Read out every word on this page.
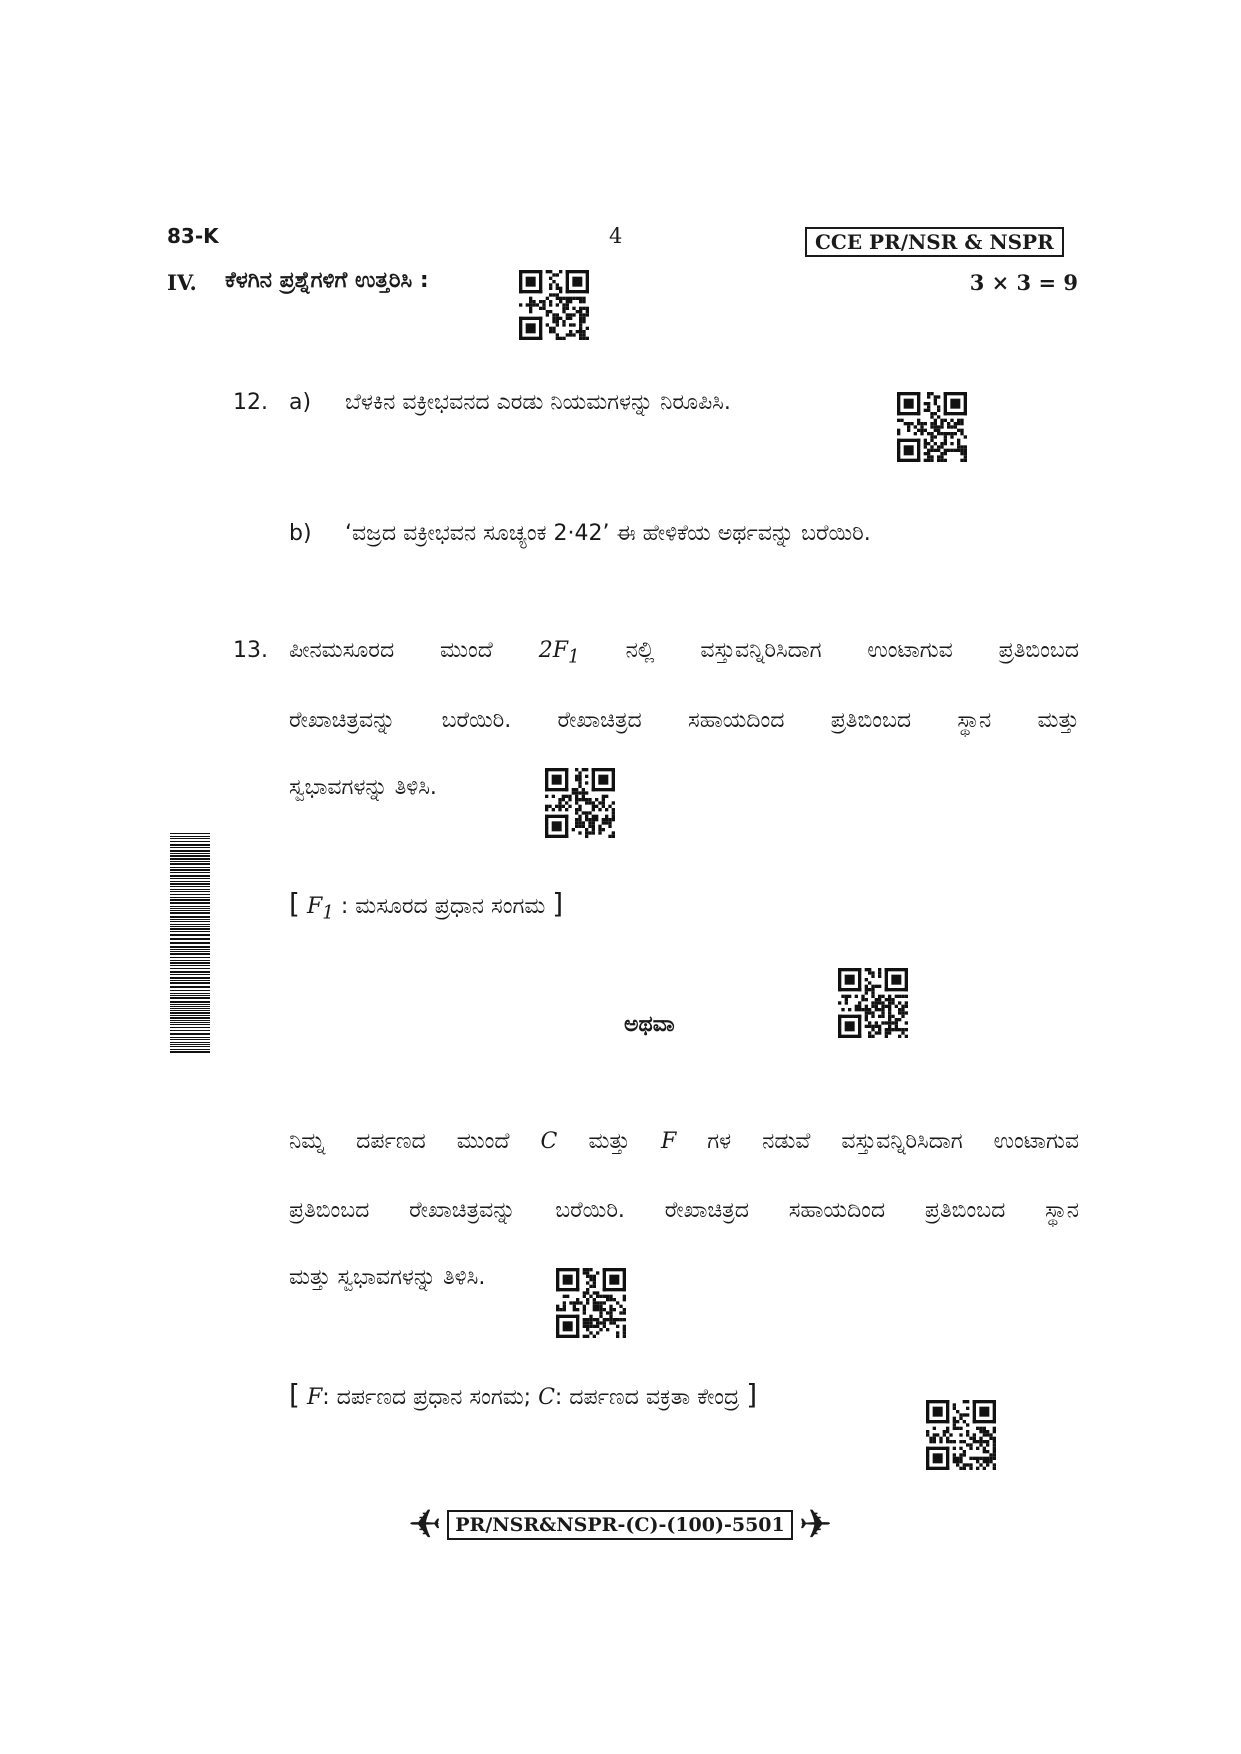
83-K	4	CCE PR/NSR & NSPR
IV. ಕೆಳಗಿನ ಪ್ರಶ್ನೆಗಳಿಗೆ ಉತ್ತರಿಸಿ :	3 × 3 = 9
12. a) ಬೆಳಕಿನ ವಕ್ರೀಭವನದ ಎರಡು ನಿಯಮಗಳನ್ನು ನಿರೂಪಿಸಿ.
b) ‘ವಜ್ರದ ವಕ್ರೀಭವನ ಸೂಚ್ಯಂಕ 2·42’ ಈ ಹೇಳಿಕೆಯ ಅರ್ಥವನ್ನು ಬರೆಯಿರಿ.
13. ಪೀನಮಸೂರದ ಮುಂದೆ $2F_1$ ನಲ್ಲಿ ವಸ್ತುವನ್ನಿರಿಸಿದಾಗ ಉಂಟಾಗುವ ಪ್ರತಿಬಿಂಬದ
ರೇಖಾಚಿತ್ರವನ್ನು ಬರೆಯಿರಿ. ರೇಖಾಚಿತ್ರದ ಸಹಾಯದಿಂದ ಪ್ರತಿಬಿಂಬದ ಸ್ಥಾನ ಮತ್ತು
ಸ್ವಭಾವಗಳನ್ನು ತಿಳಿಸಿ.
[ $F_1$ : ಮಸೂರದ ಪ್ರಧಾನ ಸಂಗಮ ]
ಅಥವಾ
ನಿಮ್ನ ದರ್ಪಣದ ಮುಂದೆ C ಮತ್ತು F ಗಳ ನಡುವೆ ವಸ್ತುವನ್ನಿರಿಸಿದಾಗ ಉಂಟಾಗುವ
ಪ್ರತಿಬಿಂಬದ ರೇಖಾಚಿತ್ರವನ್ನು ಬರೆಯಿರಿ. ರೇಖಾಚಿತ್ರದ ಸಹಾಯದಿಂದ ಪ್ರತಿಬಿಂಬದ ಸ್ಥಾನ
ಮತ್ತು ಸ್ವಭಾವಗಳನ್ನು ತಿಳಿಸಿ.
[ F: ದರ್ಪಣದ ಪ್ರಧಾನ ಸಂಗಮ; C: ದರ್ಪಣದ ವಕ್ರತಾ ಕೇಂದ್ರ ]
✈ PR/NSR&NSPR-(C)-(100)-5501 ✈
